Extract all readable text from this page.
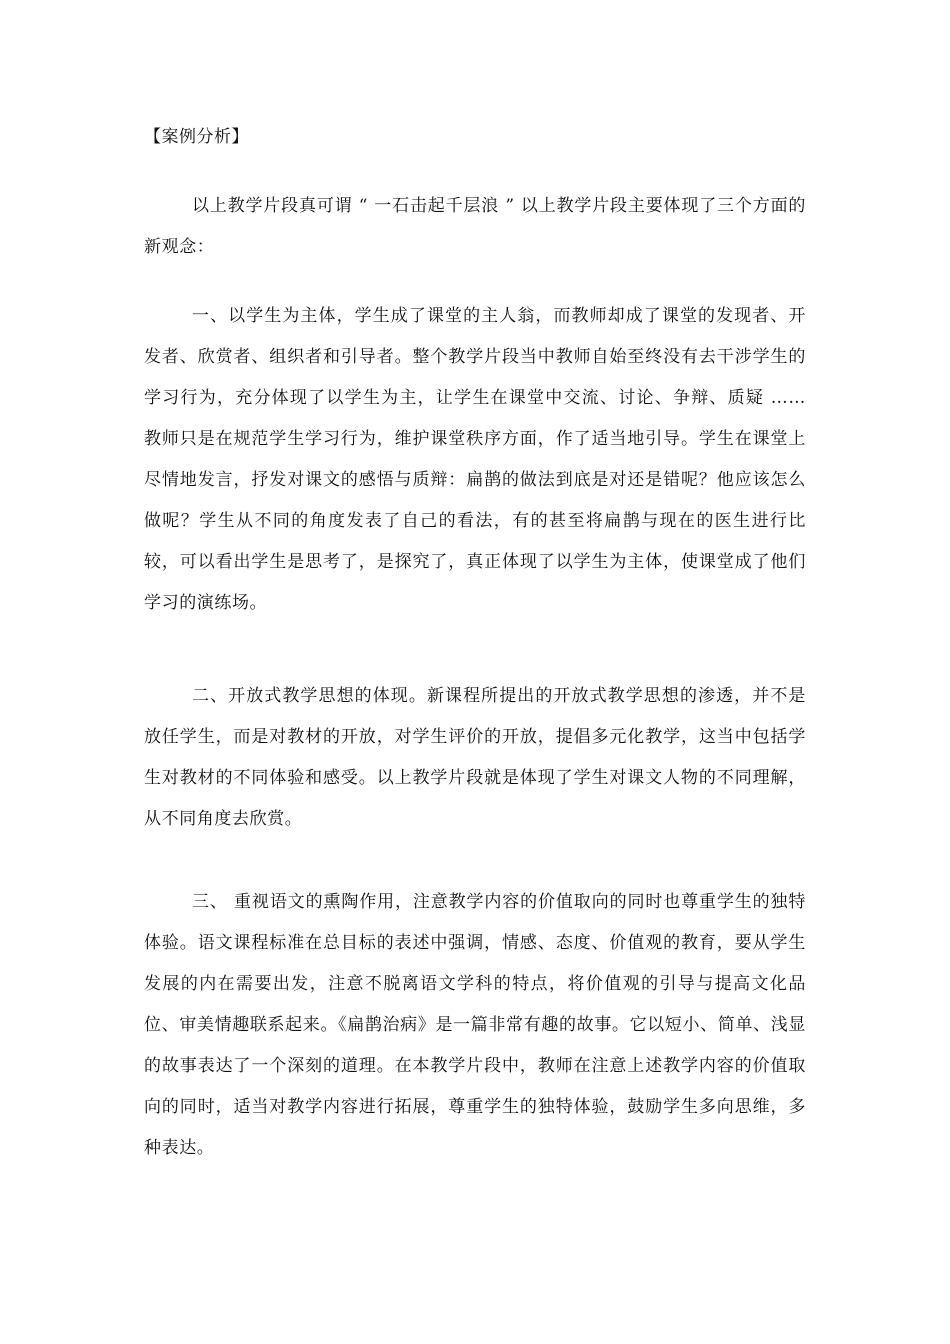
【案例分析】

以上教学片段真可谓 “ 一石击起千层浪 ” 以上教学片段主要体现了三个方面的新观念：

一、以学生为主体，学生成了课堂的主人翁，而教师却成了课堂的发现者、开发者、欣赏者、组织者和引导者。整个教学片段当中教师自始至终没有去干涉学生的学习行为，充分体现了以学生为主，让学生在课堂中交流、讨论、争辩、质疑 …… 教师只是在规范学生学习行为，维护课堂秩序方面，作了适当地引导。学生在课堂上尽情地发言，抒发对课文的感悟与质辩：扁鹊的做法到底是对还是错呢？他应该怎么做呢？学生从不同的角度发表了自己的看法，有的甚至将扁鹊与现在的医生进行比较，可以看出学生是思考了，是探究了，真正体现了以学生为主体，使课堂成了他们学习的演练场。

二、开放式教学思想的体现。新课程所提出的开放式教学思想的渗透，并不是放任学生，而是对教材的开放，对学生评价的开放，提倡多元化教学，这当中包括学生对教材的不同体验和感受。以上教学片段就是体现了学生对课文人物的不同理解，从不同角度去欣赏。

三、 重视语文的熏陶作用，注意教学内容的价值取向的同时也尊重学生的独特体验。语文课程标准在总目标的表述中强调，情感、态度、价值观的教育，要从学生发展的内在需要出发，注意不脱离语文学科的特点，将价值观的引导与提高文化品位、审美情趣联系起来。《扁鹊治病》是一篇非常有趣的故事。它以短小、简单、浅显的故事表达了一个深刻的道理。在本教学片段中，教师在注意上述教学内容的价值取向的同时，适当对教学内容进行拓展，尊重学生的独特体验，鼓励学生多向思维，多种表达。
